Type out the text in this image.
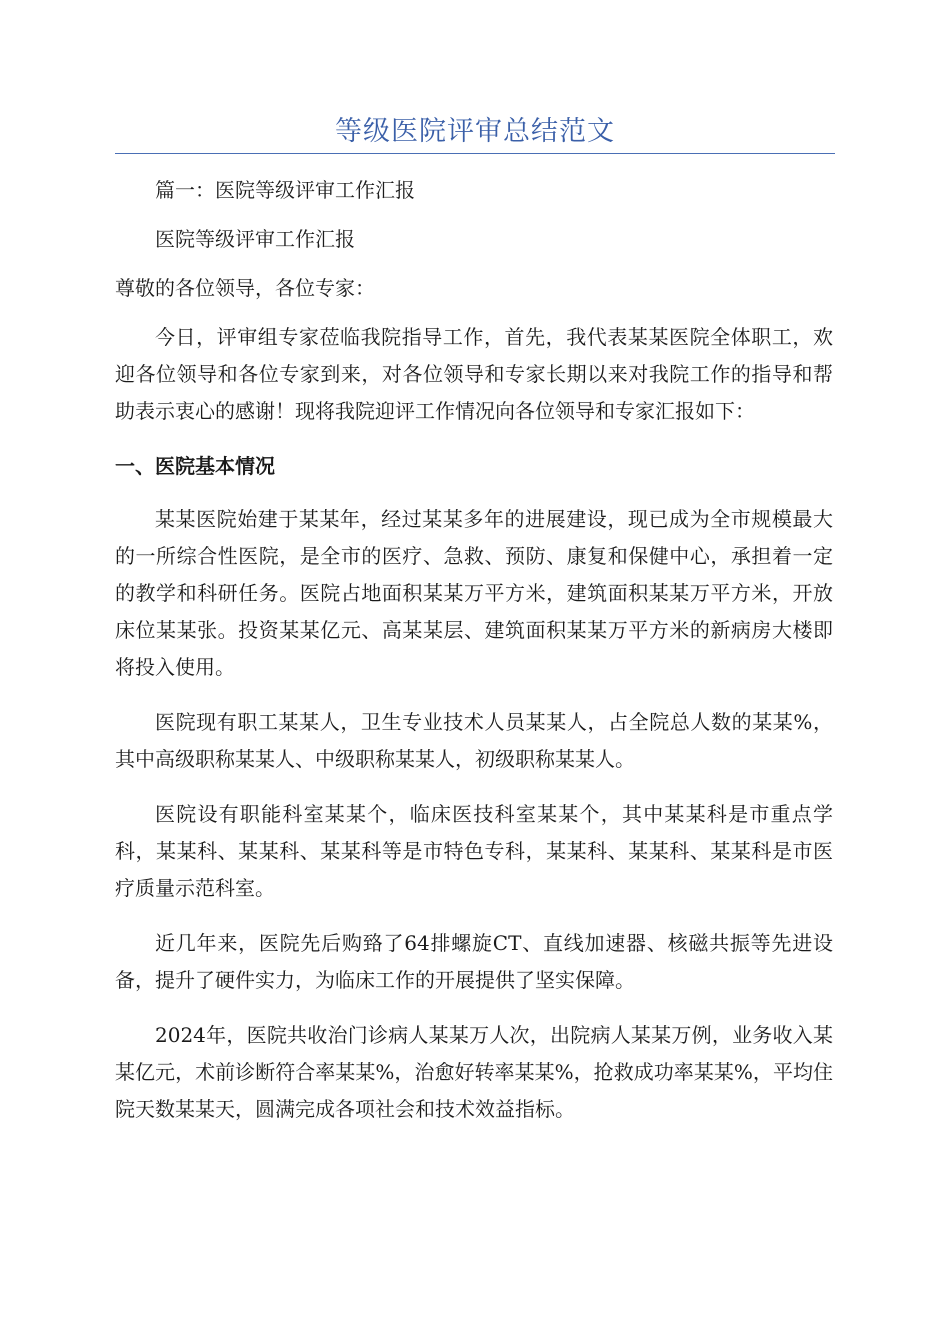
等级医院评审总结范文

篇一：医院等级评审工作汇报

医院等级评审工作汇报

尊敬的各位领导，各位专家：

今日，评审组专家莅临我院指导工作，首先，我代表某某医院全体职工，欢迎各位领导和各位专家到来，对各位领导和专家长期以来对我院工作的指导和帮助表示衷心的感谢！现将我院迎评工作情况向各位领导和专家汇报如下：

一、医院基本情况

某某医院始建于某某年，经过某某多年的进展建设，现已成为全市规模最大的一所综合性医院，是全市的医疗、急救、预防、康复和保健中心，承担着一定的教学和科研任务。医院占地面积某某万平方米，建筑面积某某万平方米，开放床位某某张。投资某某亿元、高某某层、建筑面积某某万平方米的新病房大楼即将投入使用。

医院现有职工某某人，卫生专业技术人员某某人，占全院总人数的某某%，其中高级职称某某人、中级职称某某人，初级职称某某人。

医院设有职能科室某某个，临床医技科室某某个，其中某某科是市重点学科，某某科、某某科、某某科等是市特色专科，某某科、某某科、某某科是市医疗质量示范科室。

近几年来，医院先后购臵了64排螺旋CT、直线加速器、核磁共振等先进设备，提升了硬件实力，为临床工作的开展提供了坚实保障。

2024年，医院共收治门诊病人某某万人次，出院病人某某万例，业务收入某某亿元，术前诊断符合率某某%，治愈好转率某某%，抢救成功率某某%，平均住院天数某某天，圆满完成各项社会和技术效益指标。
